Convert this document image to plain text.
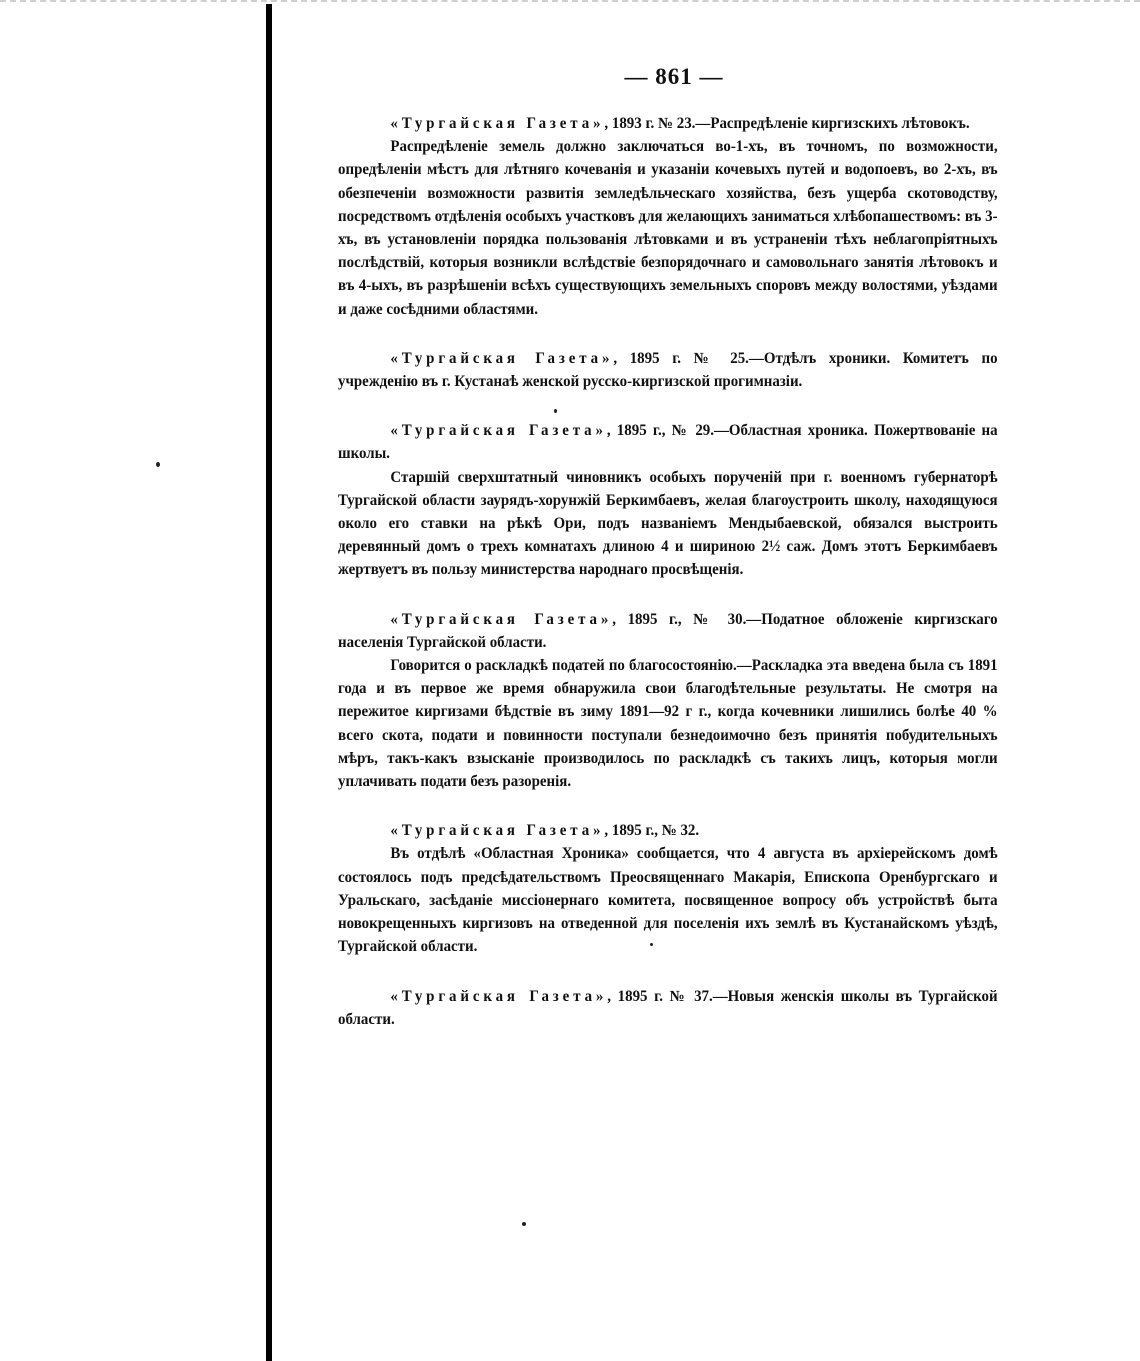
— 861 —

«Тургайская Газета», 1893 г. № 23.—Распредѣленіе киргизскихъ лѣтовокъ.

Распредѣленіе земель должно заключаться во-1-хъ, въ точномъ, по возможности, опредѣленіи мѣстъ для лѣтняго кочеванія и указаніи кочевыхъ путей и водопоевъ, во 2-хъ, въ обезпеченіи возможности развитія земледѣльческаго хозяйства, безъ ущерба скотоводству, посредствомъ отдѣленія особыхъ участковъ для желающихъ заниматься хлѣбопашествомъ: въ 3-хъ, въ установленіи порядка пользованія лѣтовками и въ устраненіи тѣхъ неблагопріятныхъ послѣдствій, которыя возникли вслѣдствіе безпорядочнаго и самовольнаго занятія лѣтовокъ и въ 4-ыхъ, въ разрѣшеніи всѣхъ существующихъ земельныхъ споровъ между волостями, уѣздами и даже сосѣдними областями.

«Тургайская Газета», 1895 г. № 25.—Отдѣлъ хроники. Комитетъ по учрежденію въ г. Кустанаѣ женской русско-киргизской прогимназіи.

«Тургайская Газета», 1895 г., № 29.—Областная хроника. Пожертвованіе на школы.

Старшій сверхштатный чиновникъ особыхъ порученій при г. военномъ губернаторѣ Тургайской области заурядъ-хорунжій Беркимбаевъ, желая благоустроить школу, находящуюся около его ставки на рѣкѣ Ори, подъ названіемъ Мендыбаевской, обязался выстроить деревянный домъ о трехъ комнатахъ длиною 4 и шириною 2½ саж. Домъ этотъ Беркимбаевъ жертвуетъ въ пользу министерства народнаго просвѣщенія.

«Тургайская Газета», 1895 г., № 30.—Податное обложеніе киргизскаго населенія Тургайской области.

Говорится о раскладкѣ податей по благосостоянію.—Раскладка эта введена была съ 1891 года и въ первое же время обнаружила свои благодѣтельные результаты. Не смотря на пережитое киргизами бѣдствіе въ зиму 1891—92 г г., когда кочевники лишились болѣе 40 % всего скота, подати и повинности поступали безнедоимочно безъ принятія побудительныхъ мѣръ, такъ-какъ взысканіе производилось по раскладкѣ съ такихъ лицъ, которыя могли уплачивать подати безъ разоренія.

«Тургайская Газета», 1895 г., № 32.

Въ отдѣлѣ «Областная Хроника» сообщается, что 4 августа въ архіерейскомъ домѣ состоялось подъ предсѣдательствомъ Преосвященнаго Макарія, Епископа Оренбургскаго и Уральскаго, засѣданіе миссіонернаго комитета, посвященное вопросу объ устройствѣ быта новокрещенныхъ киргизовъ на отведенной для поселенія ихъ землѣ въ Кустанайскомъ уѣздѣ, Тургайской области.

«Тургайская Газета», 1895 г. № 37.—Новыя женскія школы въ Тургайской области.
